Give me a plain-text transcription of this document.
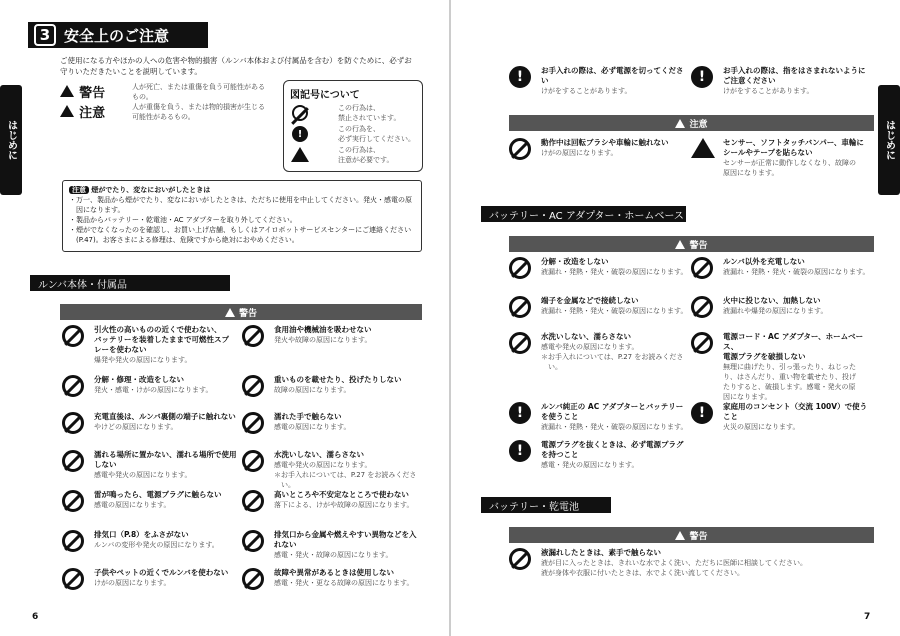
3 安全上のご注意
はじめに
ご使用になる方やほかの人への危害や物的損害（ルンバ本体および付属品を含む）を防ぐために、必ずお
守りいただきたいことを説明しています。
警告	人が死亡、または重傷を負う可能性がある
もの。
注意	人が重傷を負う、または物的損害が生じる
可能性があるもの。
図記号について
この行為は、
禁止されています。
!	この行為を、
必ず実行してください。
この行為は、
注意が必要です。
注意 煙がでたり、変なにおいがしたときは
・万一、製品から煙がでたり、変なにおいがしたときは、ただちに使用を中止してください。発火・感電の原
　因になります。
・製品からバッテリー・乾電池・AC アダプターを取り外してください。
・煙がでなくなったのを確認し、お買い上げ店舗、もしくはアイロボットサービスセンターにご連絡ください
　(P.47)。お客さまによる修理は、危険ですから絶対におやめください。
ルンバ本体・付属品
警告
引火性の高いものの近くで使わない、
バッテリーを装着したままで可燃性スプ
レーを使わない
爆発や発火の原因になります。
食用油や機械油を吸わせない
発火や故障の原因になります。
分解・修理・改造をしない
発火・感電・けがの原因になります。
重いものを載せたり、投げたりしない
故障の原因になります。
充電直後は、ルンバ裏側の端子に触れない
やけどの原因になります。
濡れた手で触らない
感電の原因になります。
濡れる場所に置かない、濡れる場所で使用
しない
感電や発火の原因になります。
水洗いしない、濡らさない
感電や発火の原因になります。
＊お手入れについては、P.27 をお読みくださ
　い。
雷が鳴ったら、電源プラグに触らない
感電の原因になります。
高いところや不安定なところで使わない
落下による、けがや故障の原因になります。
排気口（P.8）をふさがない
ルンバの変形や発火の原因になります。
排気口から金属や燃えやすい異物などを入
れない
感電・発火・故障の原因になります。
子供やペットの近くでルンバを使わない
けがの原因になります。
故障や異常があるときは使用しない
感電・発火・更なる故障の原因になります。
6
はじめに
!	お手入れの際は、必ず電源を切ってくださ
い
けがをすることがあります。
!	お手入れの際は、指をはさまれないように
ご注意ください
けがをすることがあります。
注意
動作中は回転ブラシや車輪に触れない
けがの原因になります。
センサー、ソフトタッチバンパー、車輪に
シールやテープを貼らない
センサーが正常に動作しなくなり、故障の
原因になります。
バッテリー・AC アダプター・ホームベース
警告
分解・改造をしない
液漏れ・発熱・発火・破裂の原因になります。
ルンバ以外を充電しない
液漏れ・発熱・発火・破裂の原因になります。
端子を金属などで接続しない
液漏れ・発熱・発火・破裂の原因になります。
火中に投じない、加熱しない
液漏れや爆発の原因になります。
水洗いしない、濡らさない
感電や発火の原因になります。
＊お手入れについては、P.27 をお読みくださ
　い。
電源コード・AC アダプター、ホームベース、
電源プラグを破損しない
無理に曲げたり、引っ張ったり、ねじった
り、はさんだり、重い物を載せたり、投げ
たりすると、破損します。感電・発火の原
因になります。
!	ルンバ純正の AC アダプターとバッテリー
を使うこと
液漏れ・発熱・発火・破裂の原因になります。
!	家庭用のコンセント（交流 100V）で使う
こと
火災の原因になります。
!	電源プラグを抜くときは、必ず電源プラグ
を持つこと
感電・発火の原因になります。
バッテリー・乾電池
警告
液漏れしたときは、素手で触らない
液が目に入ったときは、きれいな水でよく洗い、ただちに医師に相談してください。
液が身体や衣服に付いたときは、水でよく洗い流してください。
7
